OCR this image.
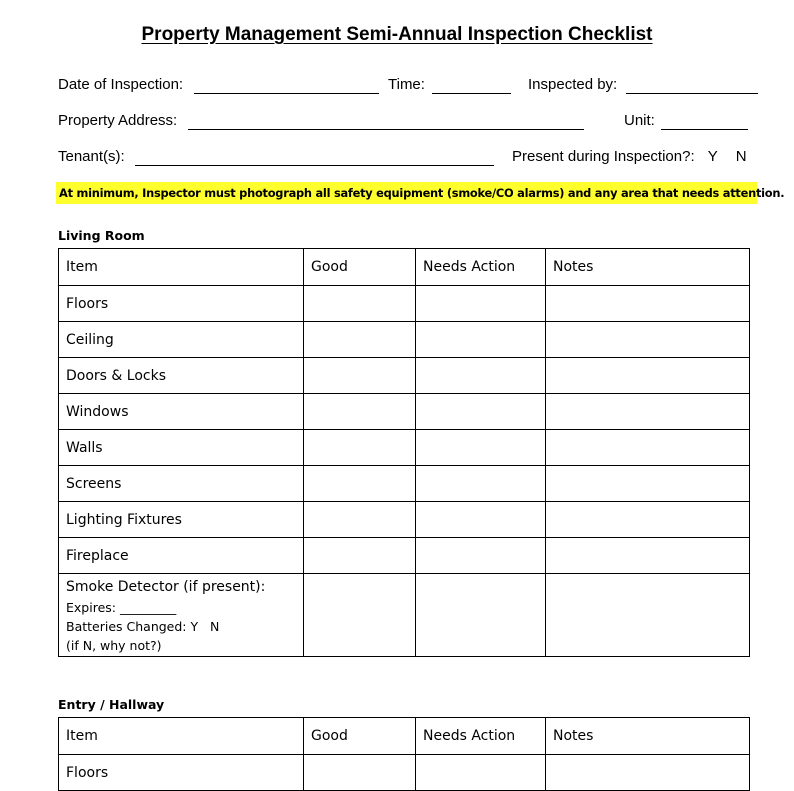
Property Management Semi-Annual Inspection Checklist
Date of Inspection:	Time:	Inspected by:
Property Address:	Unit:
Tenant(s):	Present during Inspection?: Y N
At minimum, Inspector must photograph all safety equipment (smoke/CO alarms) and any area that needs attention.
Living Room
Item	Good	Needs Action	Notes
Floors			
Ceiling			
Doors & Locks			
Windows			
Walls			
Screens			
Lighting Fixtures			
Fireplace			

Smoke Detector (if present):
Expires: _________
Batteries Changed: Y   N
(if N, why not?)			

Entry / Hallway
Item	Good	Needs Action	Notes
Floors			
